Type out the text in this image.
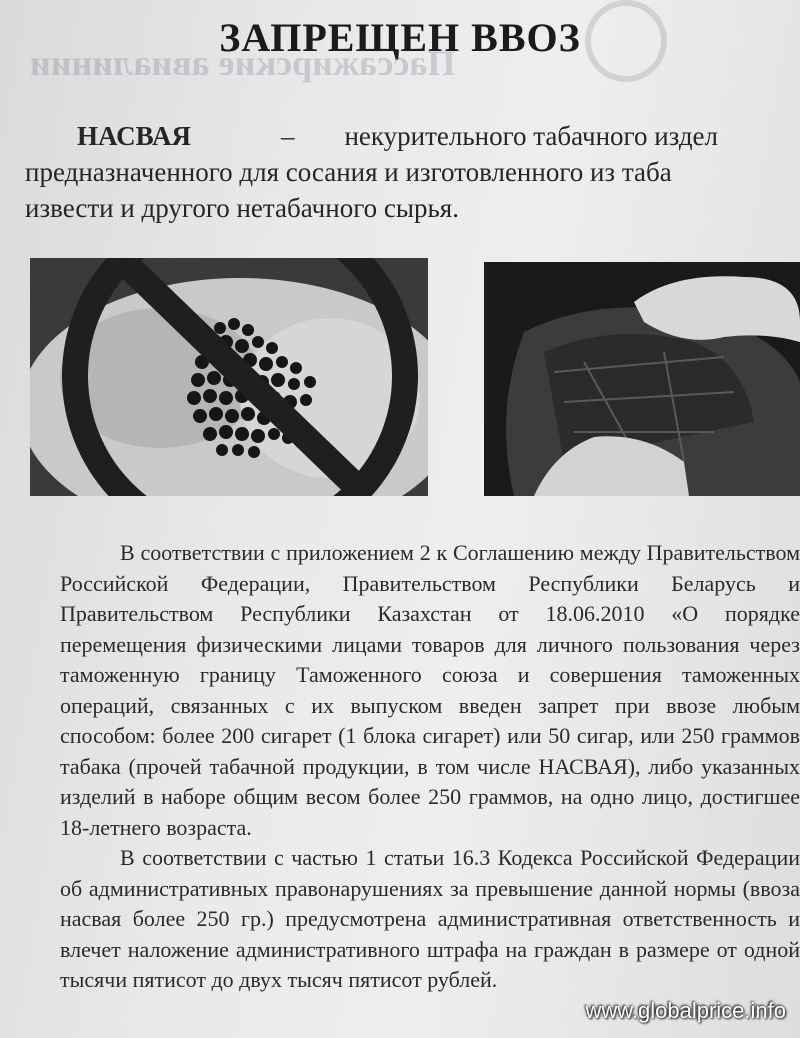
Пассажирские авиалинии
ЗАПРЕЩЕН ВВОЗ
НАСВАЯ	– некурительного табачного издел
предназначенного для сосания и изготовленного из таба
извести и другого нетабачного сырья.

В соответствии с приложением 2 к Соглашению между Правительством Российской Федерации, Правительством Республики Беларусь и Правительством Республики Казахстан от 18.06.2010 «О порядке перемещения физическими лицами товаров для личного пользования через таможенную границу Таможенного союза и совершения таможенных операций, связанных с их выпуском введен запрет при ввозе любым способом: более 200 сигарет (1 блока сигарет) или 50 сигар, или 250 граммов табака (прочей табачной продукции, в том числе НАСВАЯ), либо указанных изделий в наборе общим весом более 250 граммов, на одно лицо, достигшее 18-летнего возраста.

В соответствии с частью 1 статьи 16.3 Кодекса Российской Федерации об административных правонарушениях за превышение данной нормы (ввоза насвая более 250 гр.) предусмотрена административная ответственность и влечет наложение административного штрафа на граждан в размере от одной тысячи пятисот до двух тысяч пятисот рублей.

www.globalprice.info
